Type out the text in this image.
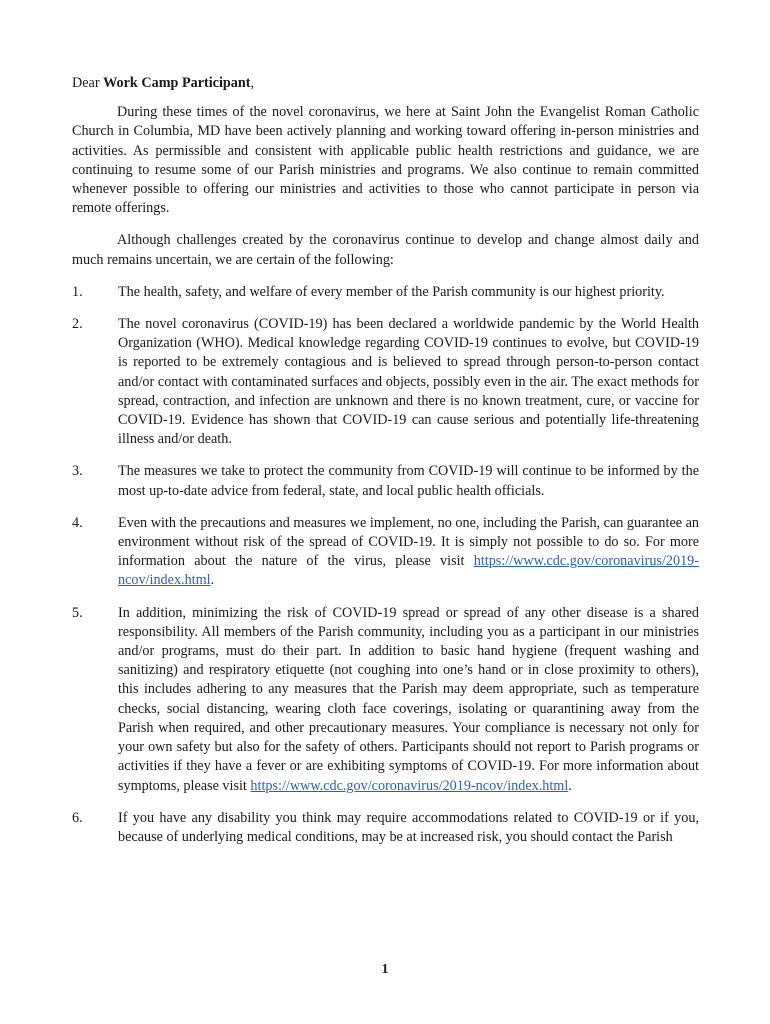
Dear Work Camp Participant,

During these times of the novel coronavirus, we here at Saint John the Evangelist Roman Catholic Church in Columbia, MD have been actively planning and working toward offering in-person ministries and activities. As permissible and consistent with applicable public health restrictions and guidance, we are continuing to resume some of our Parish ministries and programs. We also continue to remain committed whenever possible to offering our ministries and activities to those who cannot participate in person via remote offerings.

Although challenges created by the coronavirus continue to develop and change almost daily and much remains uncertain, we are certain of the following:

1.	The health, safety, and welfare of every member of the Parish community is our highest priority.
2.	The novel coronavirus (COVID-19) has been declared a worldwide pandemic by the World Health Organization (WHO). Medical knowledge regarding COVID-19 continues to evolve, but COVID-19 is reported to be extremely contagious and is believed to spread through person-to-person contact and/or contact with contaminated surfaces and objects, possibly even in the air. The exact methods for spread, contraction, and infection are unknown and there is no known treatment, cure, or vaccine for COVID-19. Evidence has shown that COVID-19 can cause serious and potentially life-threatening illness and/or death.
3.	The measures we take to protect the community from COVID-19 will continue to be informed by the most up-to-date advice from federal, state, and local public health officials.
4.	Even with the precautions and measures we implement, no one, including the Parish, can guarantee an environment without risk of the spread of COVID-19. It is simply not possible to do so. For more information about the nature of the virus, please visit https://www.cdc.gov/coronavirus/2019-ncov/index.html.
5.	In addition, minimizing the risk of COVID-19 spread or spread of any other disease is a shared responsibility. All members of the Parish community, including you as a participant in our ministries and/or programs, must do their part. In addition to basic hand hygiene (frequent washing and sanitizing) and respiratory etiquette (not coughing into one’s hand or in close proximity to others), this includes adhering to any measures that the Parish may deem appropriate, such as temperature checks, social distancing, wearing cloth face coverings, isolating or quarantining away from the Parish when required, and other precautionary measures. Your compliance is necessary not only for your own safety but also for the safety of others. Participants should not report to Parish programs or activities if they have a fever or are exhibiting symptoms of COVID-19. For more information about symptoms, please visit https://www.cdc.gov/coronavirus/2019-ncov/index.html.
6.	If you have any disability you think may require accommodations related to COVID-19 or if you, because of underlying medical conditions, may be at increased risk, you should contact the Parish
1
